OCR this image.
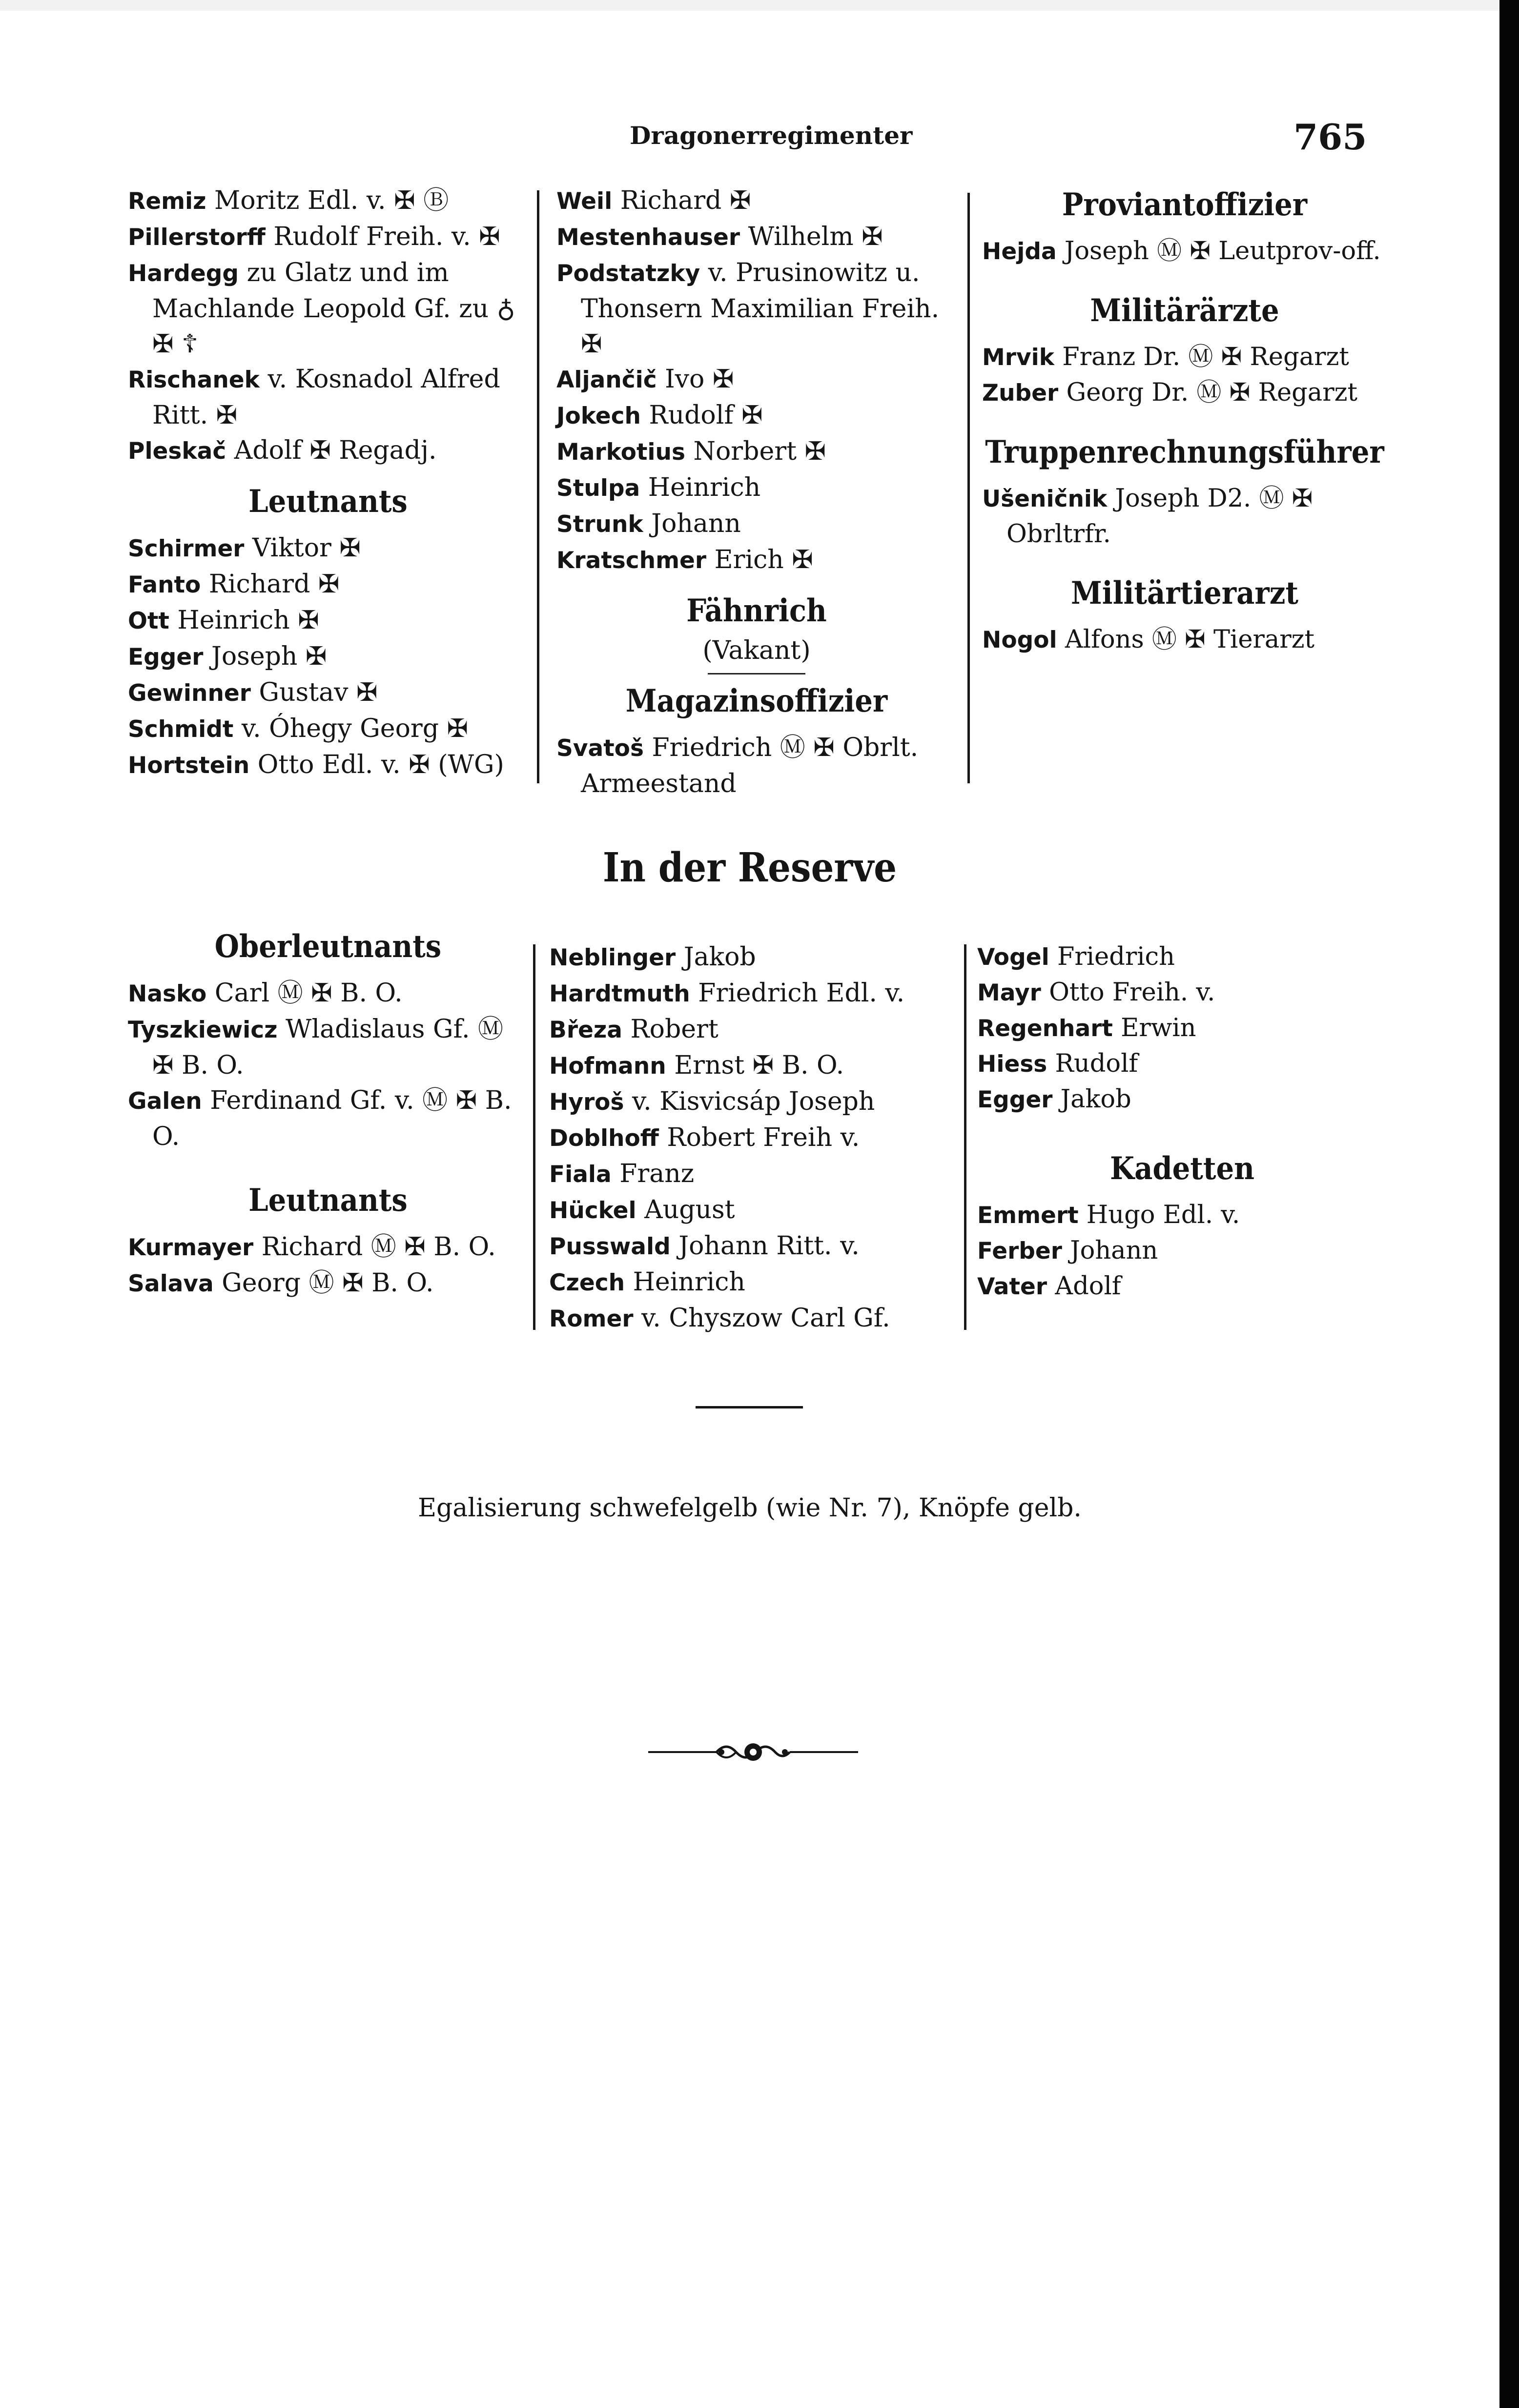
Dragonerregimenter	765
Remiz Moritz Edl. v. ✠ Ⓑ
Pillerstorff Rudolf Freih. v. ✠
Hardegg zu Glatz und im Machlande Leopold Gf. zu ♁ ✠ ☦
Rischanek v. Kosnadol Alfred Ritt. ✠
Pleskač Adolf ✠ Regadj.
Leutnants
Schirmer Viktor ✠
Fanto Richard ✠
Ott Heinrich ✠
Egger Joseph ✠
Gewinner Gustav ✠
Schmidt v. Óhegy Georg ✠
Hortstein Otto Edl. v. ✠ (WG)
Weil Richard ✠
Mestenhauser Wilhelm ✠
Podstatzky v. Prusinowitz u. Thonsern Maximilian Freih. ✠
Aljančič Ivo ✠
Jokech Rudolf ✠
Markotius Norbert ✠
Stulpa Heinrich
Strunk Johann
Kratschmer Erich ✠
Fähnrich
(Vakant)
Magazinsoffizier
Svatoš Friedrich Ⓜ ✠ Obrlt. Armeestand
Proviantoffizier
Hejda Joseph Ⓜ ✠ Leutprov-off.
Militärärzte
Mrvik Franz Dr. Ⓜ ✠ Regarzt
Zuber Georg Dr. Ⓜ ✠ Regarzt
Truppenrechnungsführer
Ušeničnik Joseph D2. Ⓜ ✠ Obrltrfr.
Militärtierarzt
Nogol Alfons Ⓜ ✠ Tierarzt
In der Reserve
Oberleutnants
Nasko Carl Ⓜ ✠ B. O.
Tyszkiewicz Wladislaus Gf. Ⓜ ✠ B. O.
Galen Ferdinand Gf. v. Ⓜ ✠ B. O.
Leutnants
Kurmayer Richard Ⓜ ✠ B. O.
Salava Georg Ⓜ ✠ B. O.
Neblinger Jakob
Hardtmuth Friedrich Edl. v.
Březa Robert
Hofmann Ernst ✠ B. O.
Hyroš v. Kisvicsáp Joseph
Doblhoff Robert Freih v.
Fiala Franz
Hückel August
Pusswald Johann Ritt. v.
Czech Heinrich
Romer v. Chyszow Carl Gf.
Vogel Friedrich
Mayr Otto Freih. v.
Regenhart Erwin
Hiess Rudolf
Egger Jakob
Kadetten
Emmert Hugo Edl. v.
Ferber Johann
Vater Adolf
Egalisierung schwefelgelb (wie Nr. 7), Knöpfe gelb.
